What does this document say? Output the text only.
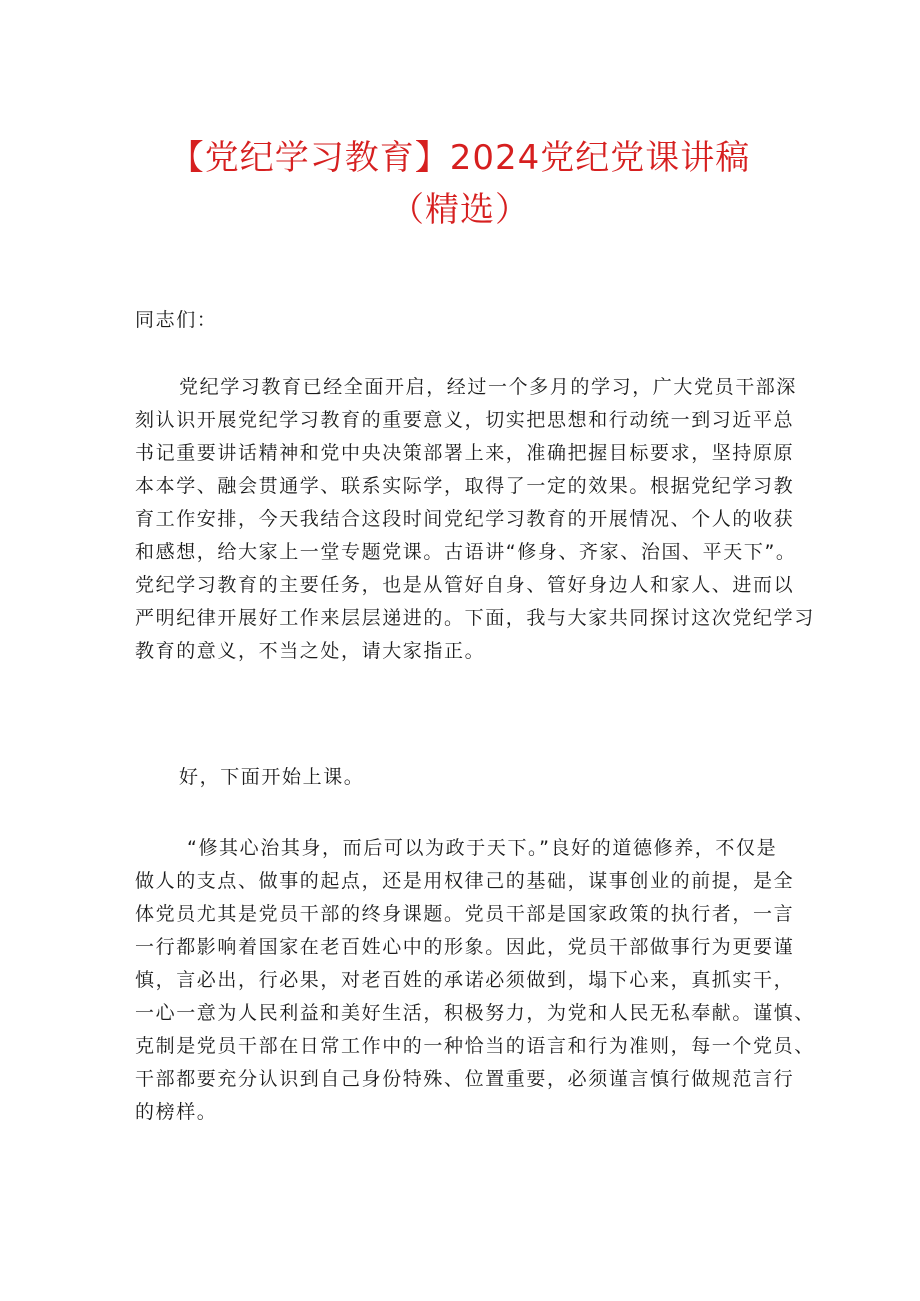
【党纪学习教育】2024党纪党课讲稿
（精选）
同志们：
党纪学习教育已经全面开启，经过一个多月的学习，广大党员干部深
刻认识开展党纪学习教育的重要意义，切实把思想和行动统一到习近平总
书记重要讲话精神和党中央决策部署上来，准确把握目标要求，坚持原原
本本学、融会贯通学、联系实际学，取得了一定的效果。根据党纪学习教
育工作安排，今天我结合这段时间党纪学习教育的开展情况、个人的收获
和感想，给大家上一堂专题党课。古语讲“修身、齐家、治国、平天下”。
党纪学习教育的主要任务，也是从管好自身、管好身边人和家人、进而以
严明纪律开展好工作来层层递进的。下面，我与大家共同探讨这次党纪学习
教育的意义，不当之处，请大家指正。
好，下面开始上课。
“修其心治其身，而后可以为政于天下。”良好的道德修养，不仅是
做人的支点、做事的起点，还是用权律己的基础，谋事创业的前提，是全
体党员尤其是党员干部的终身课题。党员干部是国家政策的执行者，一言
一行都影响着国家在老百姓心中的形象。因此，党员干部做事行为更要谨
慎，言必出，行必果，对老百姓的承诺必须做到，塌下心来，真抓实干，
一心一意为人民利益和美好生活，积极努力，为党和人民无私奉献。谨慎、
克制是党员干部在日常工作中的一种恰当的语言和行为准则，每一个党员、
干部都要充分认识到自己身份特殊、位置重要，必须谨言慎行做规范言行
的榜样。
